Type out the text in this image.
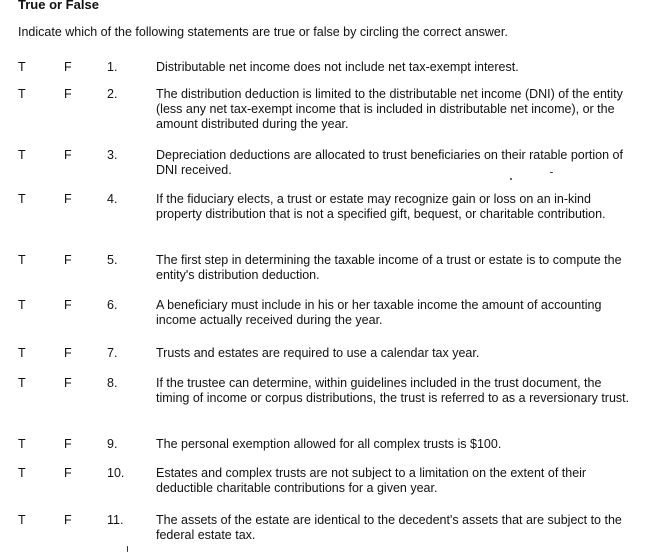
True or False
Indicate which of the following statements are true or false by circling the correct answer.
T	F	1.	Distributable net income does not include net tax-exempt interest.
T	F	2.	The distribution deduction is limited to the distributable net income (DNI) of the entity (less any net tax-exempt income that is included in distributable net income), or the amount distributed during the year.
T	F	3.	Depreciation deductions are allocated to trust beneficiaries on their ratable portion of DNI received.
T	F	4.	If the fiduciary elects, a trust or estate may recognize gain or loss on an in-kind property distribution that is not a specified gift, bequest, or charitable contribution.
T	F	5.	The first step in determining the taxable income of a trust or estate is to compute the entity's distribution deduction.
T	F	6.	A beneficiary must include in his or her taxable income the amount of accounting income actually received during the year.
T	F	7.	Trusts and estates are required to use a calendar tax year.
T	F	8.	If the trustee can determine, within guidelines included in the trust document, the timing of income or corpus distributions, the trust is referred to as a reversionary trust.
T	F	9.	The personal exemption allowed for all complex trusts is $100.
T	F	10.	Estates and complex trusts are not subject to a limitation on the extent of their deductible charitable contributions for a given year.
T	F	11.	The assets of the estate are identical to the decedent's assets that are subject to the federal estate tax.
